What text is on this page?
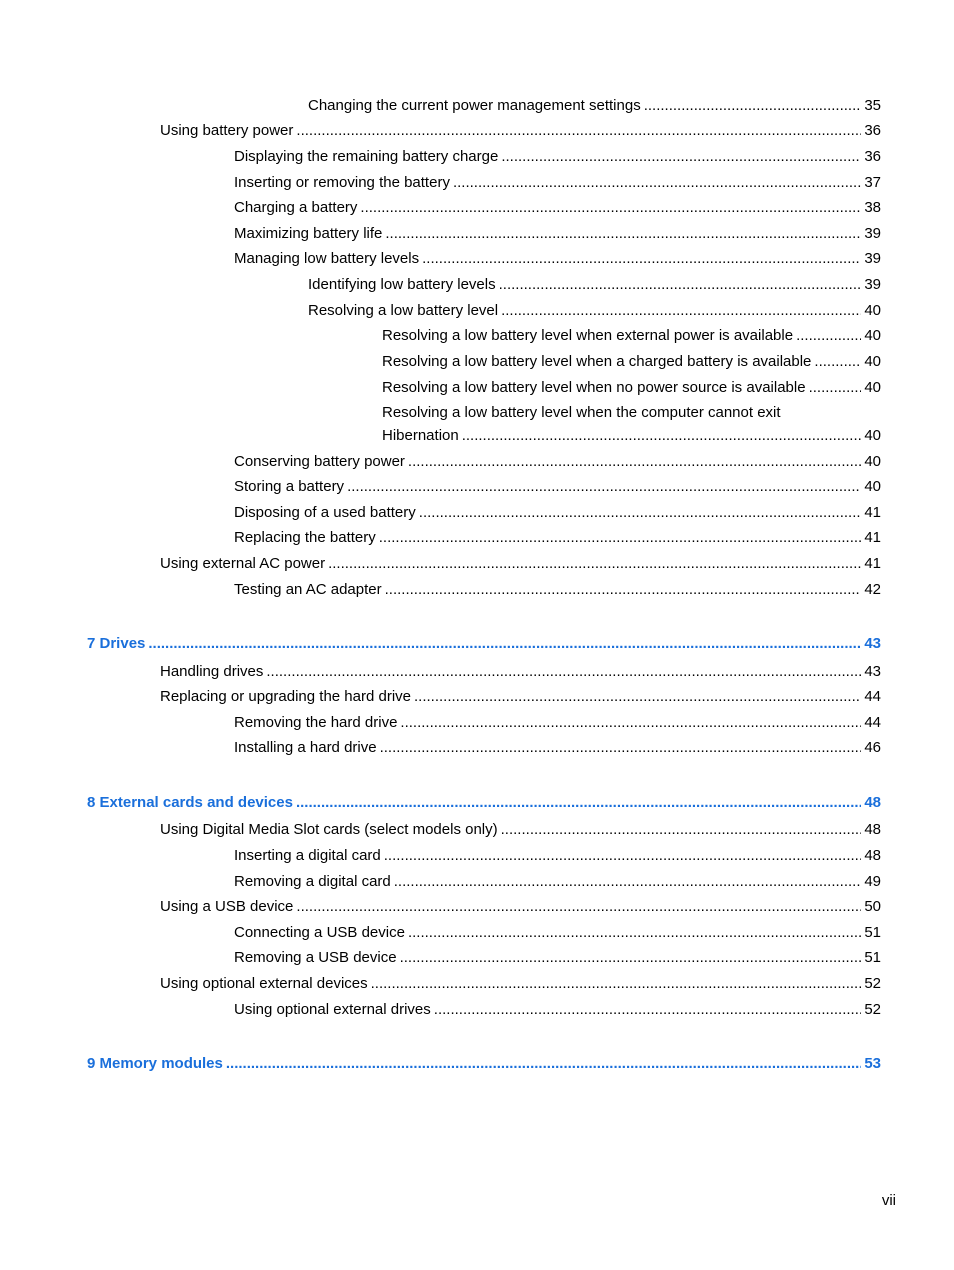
Changing the current power management settings .....	35
Using battery power .....	36
Displaying the remaining battery charge .....	36
Inserting or removing the battery .....	37
Charging a battery .....	38
Maximizing battery life .....	39
Managing low battery levels .....	39
Identifying low battery levels .....	39
Resolving a low battery level .....	40
Resolving a low battery level when external power is available .....	40
Resolving a low battery level when a charged battery is available .....	40
Resolving a low battery level when no power source is available .....	40
Resolving a low battery level when the computer cannot exit
Hibernation .....	40
Conserving battery power .....	40
Storing a battery .....	40
Disposing of a used battery .....	41
Replacing the battery .....	41
Using external AC power .....	41
Testing an AC adapter .....	42
7 Drives .....	43
Handling drives .....	43
Replacing or upgrading the hard drive .....	44
Removing the hard drive .....	44
Installing a hard drive .....	46
8 External cards and devices .....	48
Using Digital Media Slot cards (select models only) .....	48
Inserting a digital card .....	48
Removing a digital card .....	49
Using a USB device .....	50
Connecting a USB device .....	51
Removing a USB device .....	51
Using optional external devices .....	52
Using optional external drives .....	52
9 Memory modules .....	53
vii
